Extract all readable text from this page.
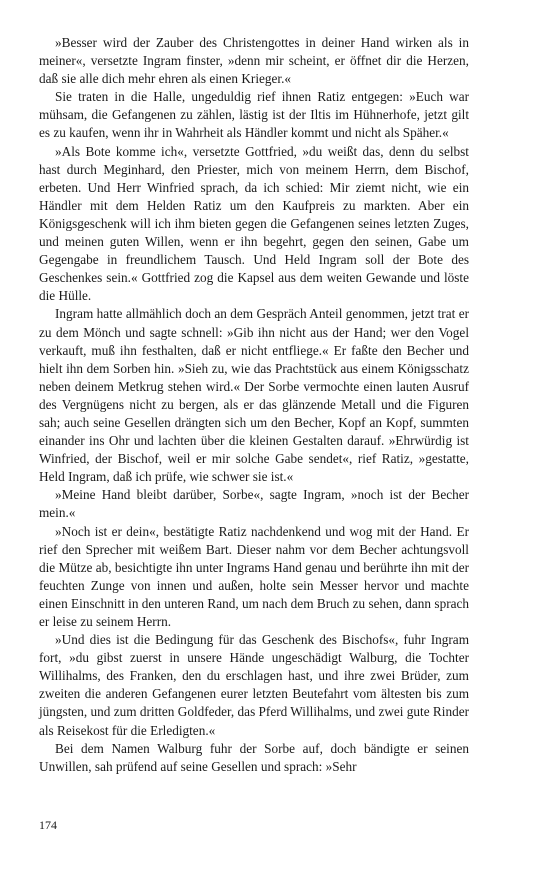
»Besser wird der Zauber des Christengottes in deiner Hand wirken als in meiner«, versetzte Ingram finster, »denn mir scheint, er öffnet dir die Herzen, daß sie alle dich mehr ehren als einen Krieger.«

Sie traten in die Halle, ungeduldig rief ihnen Ratiz entgegen: »Euch war mühsam, die Gefangenen zu zählen, lästig ist der Iltis im Hühnerhofe, jetzt gilt es zu kaufen, wenn ihr in Wahrheit als Händler kommt und nicht als Späher.«

»Als Bote komme ich«, versetzte Gottfried, »du weißt das, denn du selbst hast durch Meginhard, den Priester, mich von meinem Herrn, dem Bischof, erbeten. Und Herr Winfried sprach, da ich schied: Mir ziemt nicht, wie ein Händler mit dem Helden Ratiz um den Kaufpreis zu markten. Aber ein Königsgeschenk will ich ihm bieten gegen die Gefangenen seines letzten Zuges, und meinen guten Willen, wenn er ihn begehrt, gegen den seinen, Gabe um Gegengabe in freundlichem Tausch. Und Held Ingram soll der Bote des Geschenkes sein.« Gottfried zog die Kapsel aus dem weiten Gewande und löste die Hülle.

Ingram hatte allmählich doch an dem Gespräch Anteil genommen, jetzt trat er zu dem Mönch und sagte schnell: »Gib ihn nicht aus der Hand; wer den Vogel verkauft, muß ihn festhalten, daß er nicht entfliege.« Er faßte den Becher und hielt ihn dem Sorben hin. »Sieh zu, wie das Prachtstück aus einem Königsschatz neben deinem Metkrug stehen wird.« Der Sorbe vermochte einen lauten Ausruf des Vergnügens nicht zu bergen, als er das glänzende Metall und die Figuren sah; auch seine Gesellen drängten sich um den Becher, Kopf an Kopf, summten einander ins Ohr und lachten über die kleinen Gestalten darauf. »Ehrwürdig ist Winfried, der Bischof, weil er mir solche Gabe sendet«, rief Ratiz, »gestatte, Held Ingram, daß ich prüfe, wie schwer sie ist.«

»Meine Hand bleibt darüber, Sorbe«, sagte Ingram, »noch ist der Becher mein.«

»Noch ist er dein«, bestätigte Ratiz nachdenkend und wog mit der Hand. Er rief den Sprecher mit weißem Bart. Dieser nahm vor dem Becher achtungsvoll die Mütze ab, besichtigte ihn unter Ingrams Hand genau und berührte ihn mit der feuchten Zunge von innen und außen, holte sein Messer hervor und machte einen Einschnitt in den unteren Rand, um nach dem Bruch zu sehen, dann sprach er leise zu seinem Herrn.

»Und dies ist die Bedingung für das Geschenk des Bischofs«, fuhr Ingram fort, »du gibst zuerst in unsere Hände ungeschädigt Walburg, die Tochter Willihalms, des Franken, den du erschlagen hast, und ihre zwei Brüder, zum zweiten die anderen Gefangenen eurer letzten Beutefahrt vom ältesten bis zum jüngsten, und zum dritten Goldfeder, das Pferd Willihalms, und zwei gute Rinder als Reisekost für die Erledigten.«

Bei dem Namen Walburg fuhr der Sorbe auf, doch bändigte er seinen Unwillen, sah prüfend auf seine Gesellen und sprach: »Sehr

174
